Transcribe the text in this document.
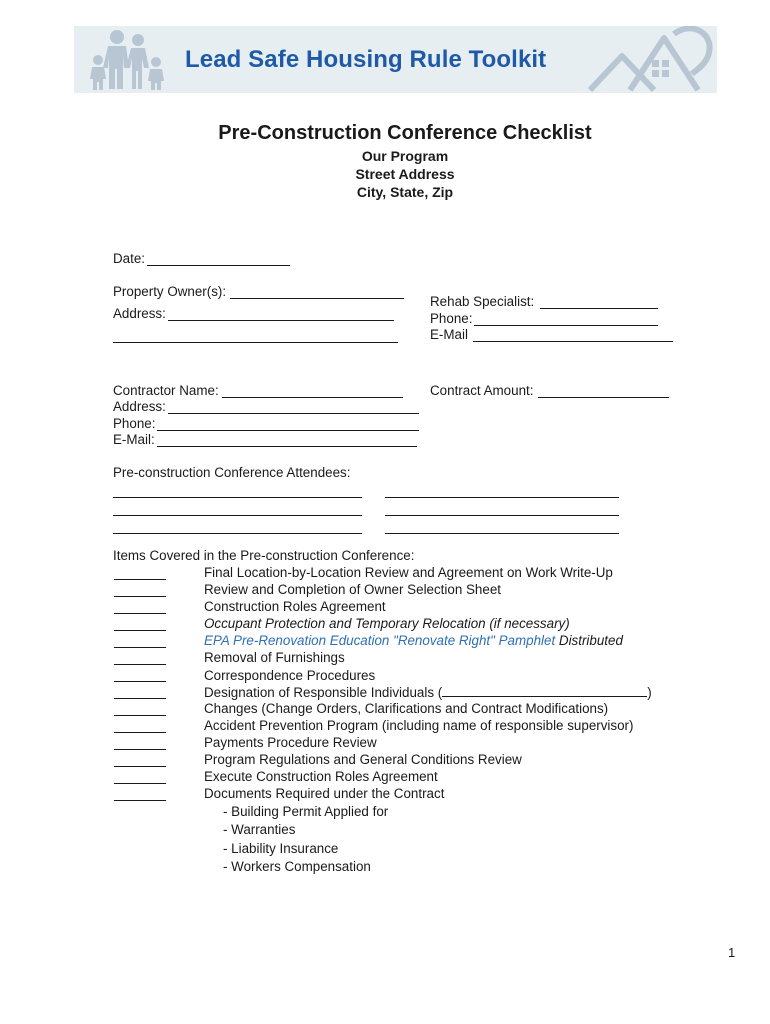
Lead Safe Housing Rule Toolkit
Pre-Construction Conference Checklist
Our Program
Street Address
City, State, Zip
Date:
Property Owner(s):
Address:
Rehab Specialist:
Phone:
E-Mail
Contractor Name:	Contract Amount:
Address:
Phone:
E-Mail:
Pre-construction Conference Attendees:
Items Covered in the Pre-construction Conference:
Final Location-by-Location Review and Agreement on Work Write-Up
Review and Completion of Owner Selection Sheet
Construction Roles Agreement
Occupant Protection and Temporary Relocation (if necessary)
EPA Pre-Renovation Education "Renovate Right" Pamphlet Distributed
Removal of Furnishings
Correspondence Procedures
Designation of Responsible Individuals (	)
Changes (Change Orders, Clarifications and Contract Modifications)
Accident Prevention Program (including name of responsible supervisor)
Payments Procedure Review
Program Regulations and General Conditions Review
Execute Construction Roles Agreement
Documents Required under the Contract
- Building Permit Applied for
- Warranties
- Liability Insurance
- Workers Compensation
1
